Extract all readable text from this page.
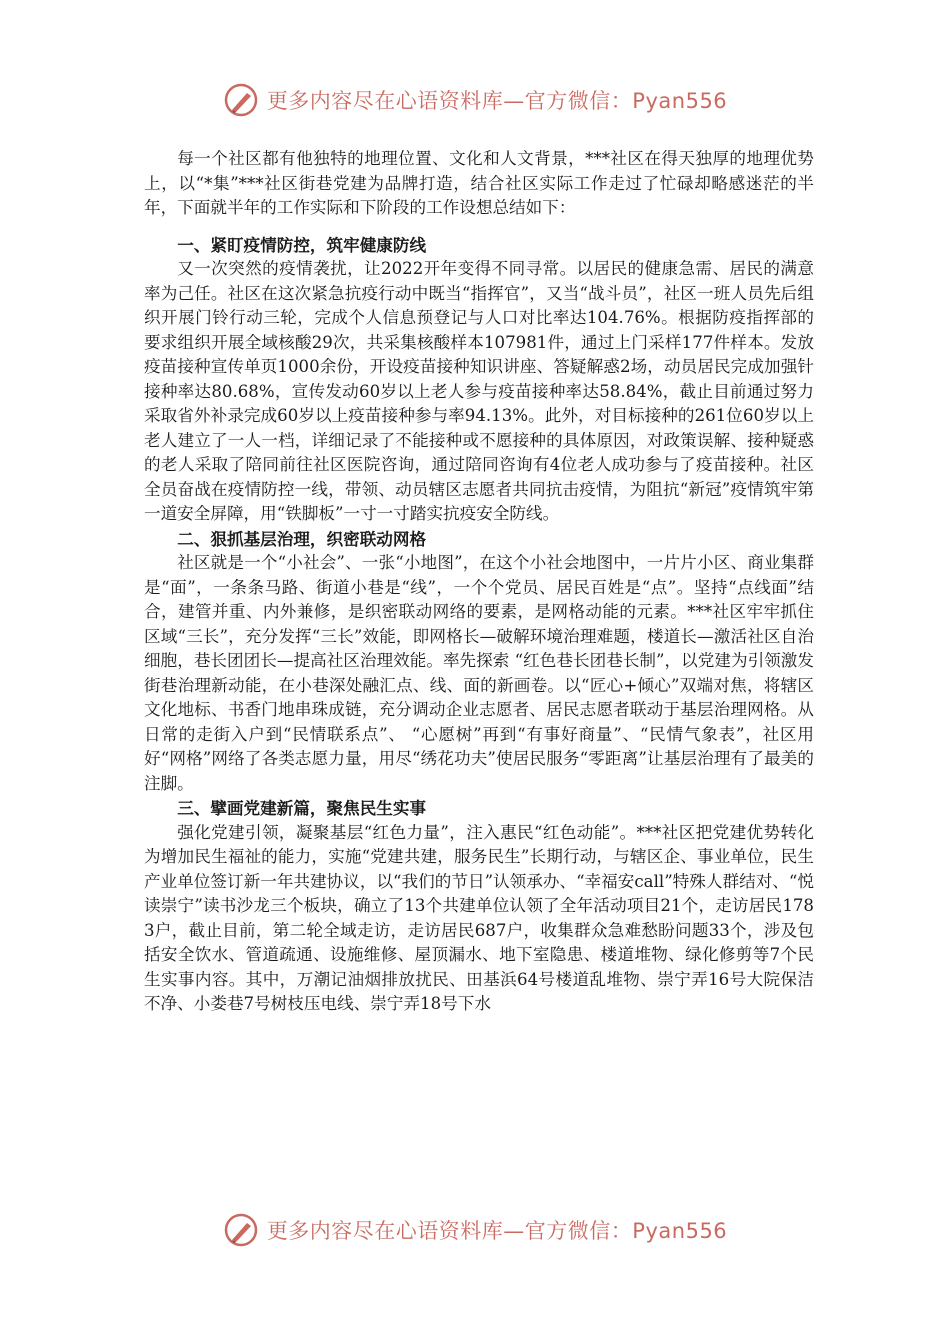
更多内容尽在心语资料库—官方微信：Pyan556

每一个社区都有他独特的地理位置、文化和人文背景，***社区在得天独厚的地理优势上，以“*集”***社区街巷党建为品牌打造，结合社区实际工作走过了忙碌却略感迷茫的半年，下面就半年的工作实际和下阶段的工作设想总结如下：

一、紧盯疫情防控，筑牢健康防线

又一次突然的疫情袭扰，让2022开年变得不同寻常。以居民的健康急需、居民的满意率为己任。社区在这次紧急抗疫行动中既当“指挥官”，又当“战斗员”，社区一班人员先后组织开展门铃行动三轮，完成个人信息预登记与人口对比率达104.76%。根据防疫指挥部的要求组织开展全域核酸29次，共采集核酸样本107981件，通过上门采样177件样本。发放疫苗接种宣传单页1000余份，开设疫苗接种知识讲座、答疑解惑2场，动员居民完成加强针接种率达80.68%，宣传发动60岁以上老人参与疫苗接种率达58.84%，截止目前通过努力采取省外补录完成60岁以上疫苗接种参与率94.13%。此外，对目标接种的261位60岁以上老人建立了一人一档，详细记录了不能接种或不愿接种的具体原因，对政策误解、接种疑惑的老人采取了陪同前往社区医院咨询，通过陪同咨询有4位老人成功参与了疫苗接种。社区全员奋战在疫情防控一线，带领、动员辖区志愿者共同抗击疫情，为阻抗“新冠”疫情筑牢第一道安全屏障，用“铁脚板”一寸一寸踏实抗疫安全防线。

二、狠抓基层治理，织密联动网格

社区就是一个“小社会”、一张“小地图”，在这个小社会地图中，一片片小区、商业集群是“面”，一条条马路、街道小巷是“线”，一个个党员、居民百姓是“点”。坚持“点线面”结合，建管并重、内外兼修，是织密联动网络的要素，是网格动能的元素。***社区牢牢抓住区域“三长”，充分发挥“三长”效能，即网格长—破解环境治理难题，楼道长—激活社区自治细胞，巷长团团长—提高社区治理效能。率先探索 “红色巷长团巷长制”，以党建为引领激发街巷治理新动能，在小巷深处融汇点、线、面的新画卷。以“匠心+倾心”双端对焦，将辖区文化地标、书香门地串珠成链，充分调动企业志愿者、居民志愿者联动于基层治理网格。从日常的走街入户到“民情联系点”、 “心愿树”再到“有事好商量”、“民情气象表”，社区用好“网格”网络了各类志愿力量，用尽“绣花功夫”使居民服务“零距离”让基层治理有了最美的注脚。

三、擘画党建新篇，聚焦民生实事

强化党建引领，凝聚基层“红色力量”，注入惠民“红色动能”。***社区把党建优势转化为增加民生福祉的能力，实施“党建共建，服务民生”长期行动，与辖区企、事业单位，民生产业单位签订新一年共建协议，以“我们的节日”认领承办、“幸福安call”特殊人群结对、“悦读崇宁”读书沙龙三个板块，确立了13个共建单位认领了全年活动项目21个，走访居民1783户，截止目前，第二轮全域走访，走访居民687户，收集群众急难愁盼问题33个，涉及包括安全饮水、管道疏通、设施维修、屋顶漏水、地下室隐患、楼道堆物、绿化修剪等7个民生实事内容。其中，万潮记油烟排放扰民、田基浜64号楼道乱堆物、崇宁弄16号大院保洁不净、小娄巷7号树枝压电线、崇宁弄18号下水

更多内容尽在心语资料库—官方微信：Pyan556
